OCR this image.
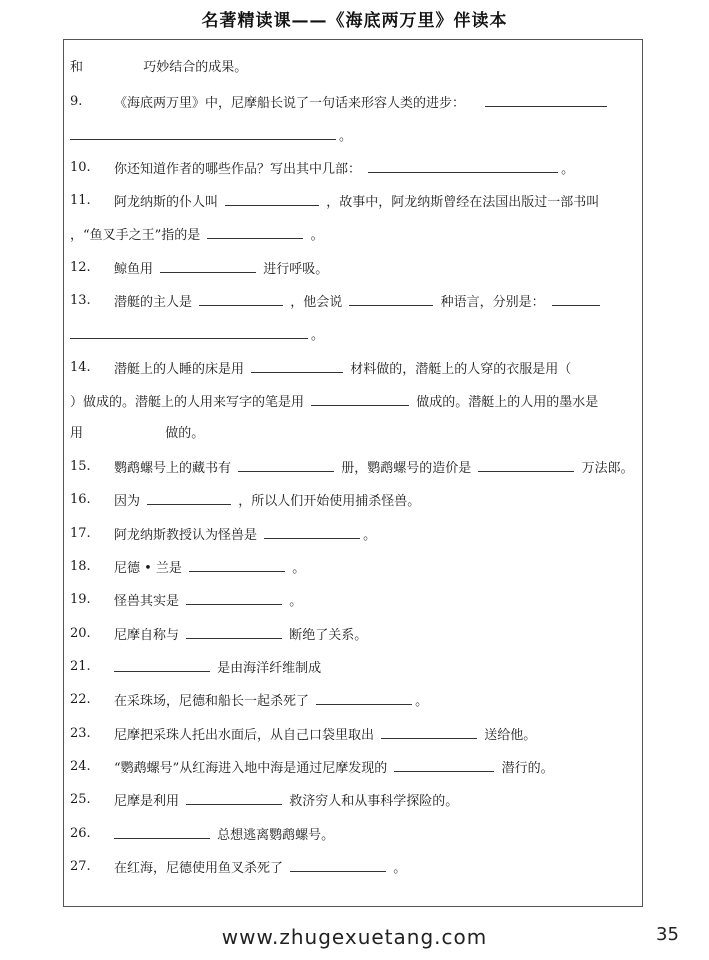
名著精读课——《海底两万里》伴读本
和	巧妙结合的成果。
9.	《海底两万里》中，尼摩船长说了一句话来形容人类的进步：
。
10.	你还知道作者的哪些作品？写出其中几部：	。
11.	阿龙纳斯的仆人叫	，故事中，阿龙纳斯曾经在法国出版过一部书叫
，“鱼叉手之王”指的是	。
12.	鲸鱼用	进行呼吸。
13.	潜艇的主人是	，他会说	种语言，分别是：
。
14.	潜艇上的人睡的床是用	材料做的，潜艇上的人穿的衣服是用（
）做成的。潜艇上的人用来写字的笔是用	做成的。潜艇上的人用的墨水是
用	做的。
15.	鹦鹉螺号上的藏书有	册，鹦鹉螺号的造价是	万法郎。
16.	因为	，所以人们开始使用捕杀怪兽。
17.	阿龙纳斯教授认为怪兽是	。
18.	尼德 • 兰是	。
19.	怪兽其实是	。
20.	尼摩自称与	断绝了关系。
21.	是由海洋纤维制成
22.	在采珠场，尼德和船长一起杀死了	。
23.	尼摩把采珠人托出水面后，从自己口袋里取出	送给他。
24.	“鹦鹉螺号”从红海进入地中海是通过尼摩发现的	潜行的。
25.	尼摩是利用	救济穷人和从事科学探险的。
26.	总想逃离鹦鹉螺号。
27.	在红海，尼德使用鱼叉杀死了	。
www.zhugexuetang.com	35
